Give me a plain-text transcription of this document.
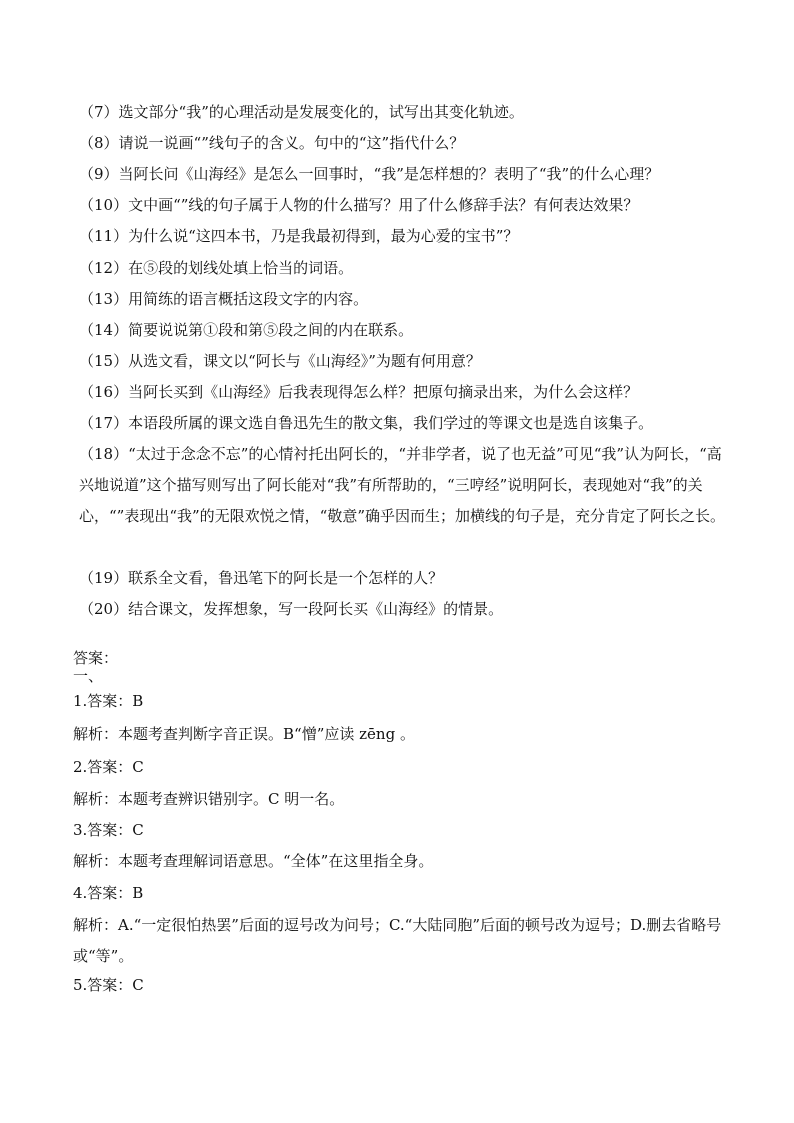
（7）选文部分“我”的心理活动是发展变化的，试写出其变化轨迹。
（8）请说一说画“”线句子的含义。句中的“这”指代什么？
（9）当阿长问《山海经》是怎么一回事时，“我”是怎样想的？表明了“我”的什么心理？
（10）文中画“”线的句子属于人物的什么描写？用了什么修辞手法？有何表达效果？
（11）为什么说“这四本书，乃是我最初得到，最为心爱的宝书”？
（12）在⑤段的划线处填上恰当的词语。
（13）用简练的语言概括这段文字的内容。
（14）简要说说第①段和第⑤段之间的内在联系。
（15）从选文看，课文以“阿长与《山海经》”为题有何用意？
（16）当阿长买到《山海经》后我表现得怎么样？把原句摘录出来，为什么会这样？
（17）本语段所属的课文选自鲁迅先生的散文集，我们学过的等课文也是选自该集子。
（18）“太过于念念不忘”的心情衬托出阿长的，“并非学者，说了也无益”可见“我”认为阿长，“高兴地说道”这个描写则写出了阿长能对“我”有所帮助的，“三哼经”说明阿长，表现她对“我”的关心，“”表现出“我”的无限欢悦之情，“敬意”确乎因而生；加横线的句子是，充分肯定了阿长之长。
（19）联系全文看，鲁迅笔下的阿长是一个怎样的人？
（20）结合课文，发挥想象，写一段阿长买《山海经》的情景。
答案：
一、
1.答案：B
解析：本题考查判断字音正误。B“憎”应读 zēng 。
2.答案：C
解析：本题考查辨识错别字。C 明一名。
3.答案：C
解析：本题考查理解词语意思。“全体”在这里指全身。
4.答案：B
解析：A.“一定很怕热罢”后面的逗号改为问号；C.“大陆同胞”后面的顿号改为逗号；D.删去省略号或“等”。
5.答案：C
